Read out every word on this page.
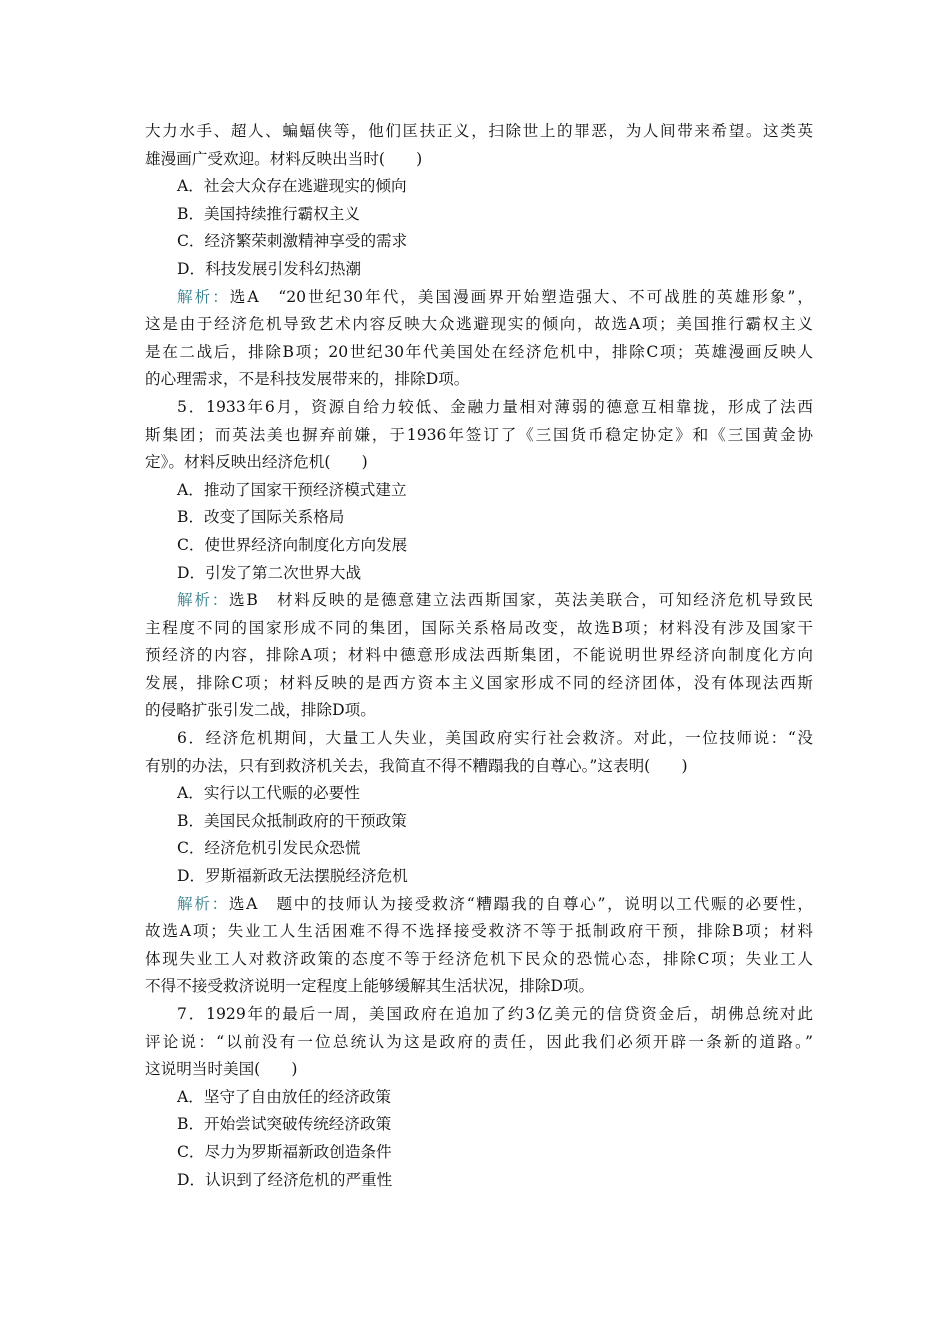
大力水手、超人、蝙蝠侠等，他们匡扶正义，扫除世上的罪恶，为人间带来希望。这类英
雄漫画广受欢迎。材料反映出当时(　　)
A．社会大众存在逃避现实的倾向
B．美国持续推行霸权主义
C．经济繁荣刺激精神享受的需求
D．科技发展引发科幻热潮
解析：选A　“20世纪30年代，美国漫画界开始塑造强大、不可战胜的英雄形象”，
这是由于经济危机导致艺术内容反映大众逃避现实的倾向，故选A项；美国推行霸权主义
是在二战后，排除B项；20世纪30年代美国处在经济危机中，排除C项；英雄漫画反映人
的心理需求，不是科技发展带来的，排除D项。
5．1933年6月，资源自给力较低、金融力量相对薄弱的德意互相靠拢，形成了法西
斯集团；而英法美也摒弃前嫌，于1936年签订了《三国货币稳定协定》和《三国黄金协
定》。材料反映出经济危机(　　)
A．推动了国家干预经济模式建立
B．改变了国际关系格局
C．使世界经济向制度化方向发展
D．引发了第二次世界大战
解析：选B　材料反映的是德意建立法西斯国家，英法美联合，可知经济危机导致民
主程度不同的国家形成不同的集团，国际关系格局改变，故选B项；材料没有涉及国家干
预经济的内容，排除A项；材料中德意形成法西斯集团，不能说明世界经济向制度化方向
发展，排除C项；材料反映的是西方资本主义国家形成不同的经济团体，没有体现法西斯
的侵略扩张引发二战，排除D项。
6．经济危机期间，大量工人失业，美国政府实行社会救济。对此，一位技师说：“没
有别的办法，只有到救济机关去，我简直不得不糟蹋我的自尊心。”这表明(　　)
A．实行以工代赈的必要性
B．美国民众抵制政府的干预政策
C．经济危机引发民众恐慌
D．罗斯福新政无法摆脱经济危机
解析：选A　题中的技师认为接受救济“糟蹋我的自尊心”，说明以工代赈的必要性，
故选A项；失业工人生活困难不得不选择接受救济不等于抵制政府干预，排除B项；材料
体现失业工人对救济政策的态度不等于经济危机下民众的恐慌心态，排除C项；失业工人
不得不接受救济说明一定程度上能够缓解其生活状况，排除D项。
7．1929年的最后一周，美国政府在追加了约3亿美元的信贷资金后，胡佛总统对此
评论说：“以前没有一位总统认为这是政府的责任，因此我们必须开辟一条新的道路。”
这说明当时美国(　　)
A．坚守了自由放任的经济政策
B．开始尝试突破传统经济政策
C．尽力为罗斯福新政创造条件
D．认识到了经济危机的严重性
